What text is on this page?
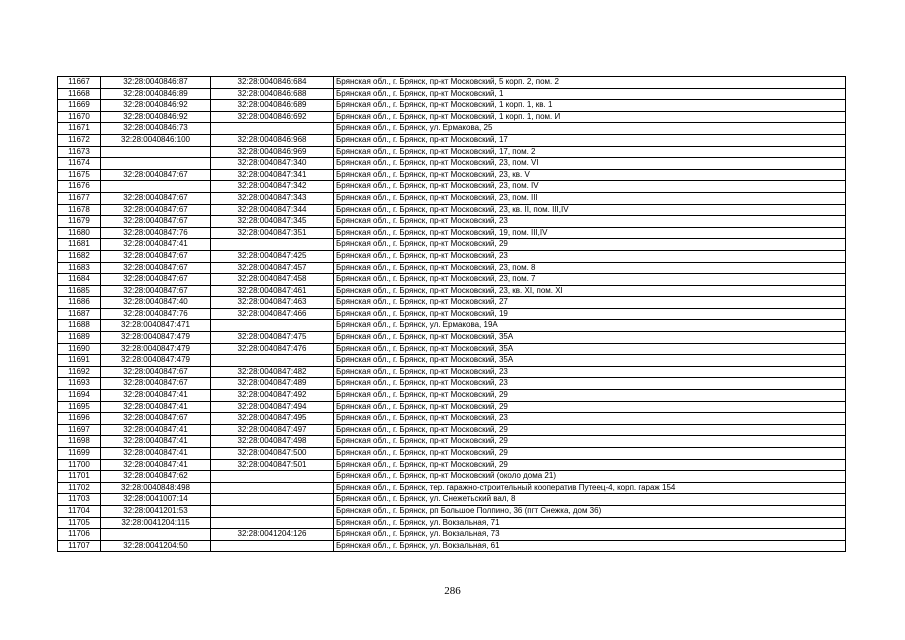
11667	32:28:0040846:87	32:28:0040846:684	Брянская обл., г. Брянск, пр-кт Московский, 5 корп. 2, пом. 2
11668	32:28:0040846:89	32:28:0040846:688	Брянская обл., г. Брянск, пр-кт Московский, 1
11669	32:28:0040846:92	32:28:0040846:689	Брянская обл., г. Брянск, пр-кт Московский, 1 корп. 1, кв. 1
11670	32:28:0040846:92	32:28:0040846:692	Брянская обл., г. Брянск, пр-кт Московский, 1 корп. 1, пом. И
11671	32:28:0040846:73		Брянская обл., г. Брянск, ул. Ермакова, 25
11672	32:28:0040846:100	32:28:0040846:968	Брянская обл., г. Брянск, пр-кт Московский, 17
11673		32:28:0040846:969	Брянская обл., г. Брянск, пр-кт Московский, 17, пом. 2
11674		32:28:0040847:340	Брянская обл., г. Брянск, пр-кт Московский, 23, пом. VI
11675	32:28:0040847:67	32:28:0040847:341	Брянская обл., г. Брянск, пр-кт Московский, 23, кв. V
11676		32:28:0040847:342	Брянская обл., г. Брянск, пр-кт Московский, 23, пом. IV
11677	32:28:0040847:67	32:28:0040847:343	Брянская обл., г. Брянск, пр-кт Московский, 23, пом. III
11678	32:28:0040847:67	32:28:0040847:344	Брянская обл., г. Брянск, пр-кт Московский, 23, кв. II, пом. III,IV
11679	32:28:0040847:67	32:28:0040847:345	Брянская обл., г. Брянск, пр-кт Московский, 23
11680	32:28:0040847:76	32:28:0040847:351	Брянская обл., г. Брянск, пр-кт Московский, 19, пом. III,IV
11681	32:28:0040847:41		Брянская обл., г. Брянск, пр-кт Московский, 29
11682	32:28:0040847:67	32:28:0040847:425	Брянская обл., г. Брянск, пр-кт Московский, 23
11683	32:28:0040847:67	32:28:0040847:457	Брянская обл., г. Брянск, пр-кт Московский, 23, пом. 8
11684	32:28:0040847:67	32:28:0040847:458	Брянская обл., г. Брянск, пр-кт Московский, 23, пом. 7
11685	32:28:0040847:67	32:28:0040847:461	Брянская обл., г. Брянск, пр-кт Московский, 23, кв. XI, пом. XI
11686	32:28:0040847:40	32:28:0040847:463	Брянская обл., г. Брянск, пр-кт Московский, 27
11687	32:28:0040847:76	32:28:0040847:466	Брянская обл., г. Брянск, пр-кт Московский, 19
11688	32:28:0040847:471		Брянская обл., г. Брянск, ул. Ермакова, 19А
11689	32:28:0040847:479	32:28:0040847:475	Брянская обл., г. Брянск, пр-кт Московский, 35А
11690	32:28:0040847:479	32:28:0040847:476	Брянская обл., г. Брянск, пр-кт Московский, 35А
11691	32:28:0040847:479		Брянская обл., г. Брянск, пр-кт Московский, 35А
11692	32:28:0040847:67	32:28:0040847:482	Брянская обл., г. Брянск, пр-кт Московский, 23
11693	32:28:0040847:67	32:28:0040847:489	Брянская обл., г. Брянск, пр-кт Московский, 23
11694	32:28:0040847:41	32:28:0040847:492	Брянская обл., г. Брянск, пр-кт Московский, 29
11695	32:28:0040847:41	32:28:0040847:494	Брянская обл., г. Брянск, пр-кт Московский, 29
11696	32:28:0040847:67	32:28:0040847:495	Брянская обл., г. Брянск, пр-кт Московский, 23
11697	32:28:0040847:41	32:28:0040847:497	Брянская обл., г. Брянск, пр-кт Московский, 29
11698	32:28:0040847:41	32:28:0040847:498	Брянская обл., г. Брянск, пр-кт Московский, 29
11699	32:28:0040847:41	32:28:0040847:500	Брянская обл., г. Брянск, пр-кт Московский, 29
11700	32:28:0040847:41	32:28:0040847:501	Брянская обл., г. Брянск, пр-кт Московский, 29
11701	32:28:0040847:62		Брянская обл., г. Брянск, пр-кт Московский (около дома 21)
11702	32:28:0040848:498		Брянская обл., г. Брянск, тер. гаражно-строительный кооператив Путеец-4, корп. гараж 154
11703	32:28:0041007:14		Брянская обл., г. Брянск, ул. Снежетьский вал, 8
11704	32:28:0041201:53		Брянская обл., г. Брянск, рп Большое Полпино, 36 (пгт Снежка, дом 36)
11705	32:28:0041204:115		Брянская обл., г. Брянск, ул. Вокзальная, 71
11706		32:28:0041204:126	Брянская обл., г. Брянск, ул. Вокзальная, 73
11707	32:28:0041204:50		Брянская обл., г. Брянск, ул. Вокзальная, 61
286
